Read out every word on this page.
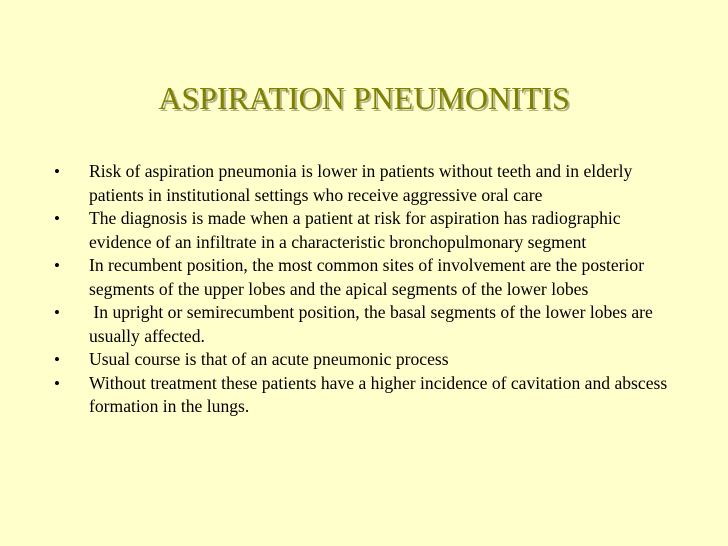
ASPIRATION PNEUMONITIS
•	Risk of aspiration pneumonia is lower in patients without teeth and in elderly patients in institutional settings who receive aggressive oral care
•	The diagnosis is made when a patient at risk for aspiration has radiographic evidence of an infiltrate in a characteristic bronchopulmonary segment
•	In recumbent position, the most common sites of involvement are the posterior segments of the upper lobes and the apical segments of the lower lobes
•	In upright or semirecumbent position, the basal segments of the lower lobes are usually affected.
•	Usual course is that of an acute pneumonic process
•	Without treatment these patients have a higher incidence of cavitation and abscess formation in the lungs.
